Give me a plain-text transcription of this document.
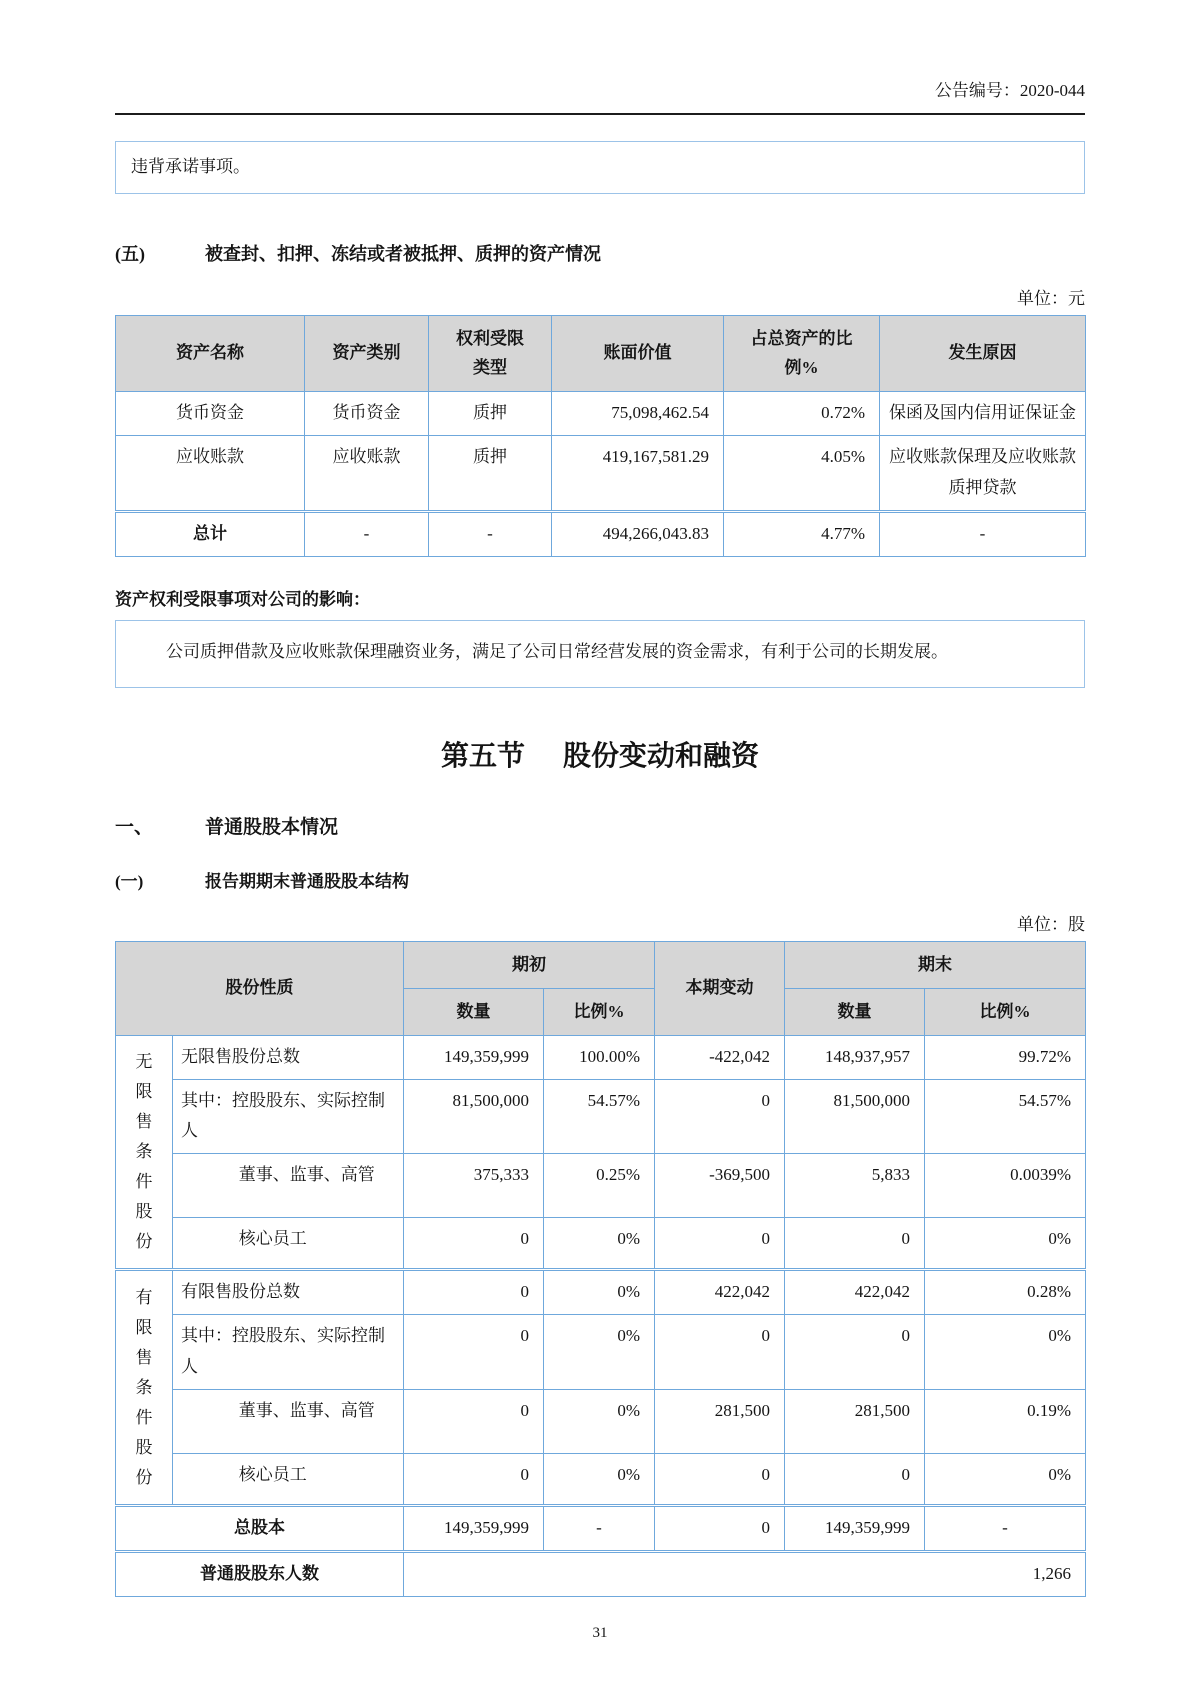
公告编号：2020-044

违背承诺事项。

(五)	被查封、扣押、冻结或者被抵押、质押的资产情况
单位：元
资产名称	资产类别	权利受限类型	账面价值	占总资产的比例%	发生原因
货币资金	货币资金	质押	75,098,462.54	0.72%	保函及国内信用证保证金
应收账款	应收账款	质押	419,167,581.29	4.05%	应收账款保理及应收账款质押贷款
总计	-	-	494,266,043.83	4.77%	-
资产权利受限事项对公司的影响：

公司质押借款及应收账款保理融资业务，满足了公司日常经营发展的资金需求，有利于公司的长期发展。

第五节 股份变动和融资
一、	普通股股本情况
(一)	报告期期末普通股股本结构
单位：股
股份性质		期初		本期变动	期末	
		数量	比例%		数量	比例%

无限售条件股份	无限售股份总数	149,359,999	100.00%	-422,042	148,937,957	99.72%
	其中：控股股东、实际控制人	81,500,000	54.57%	0	81,500,000	54.57%
	董事、监事、高管	375,333	0.25%	-369,500	5,833	0.0039%
	核心员工	0	0%	0	0	0%

有限售条件股份	有限售股份总数	0	0%	422,042	422,042	0.28%
	其中：控股股东、实际控制人	0	0%	0	0	0%
	董事、监事、高管	0	0%	281,500	281,500	0.19%
	核心员工	0	0%	0	0	0%
总股本		149,359,999	-	0	149,359,999	-
普通股股东人数		1,266				
31
